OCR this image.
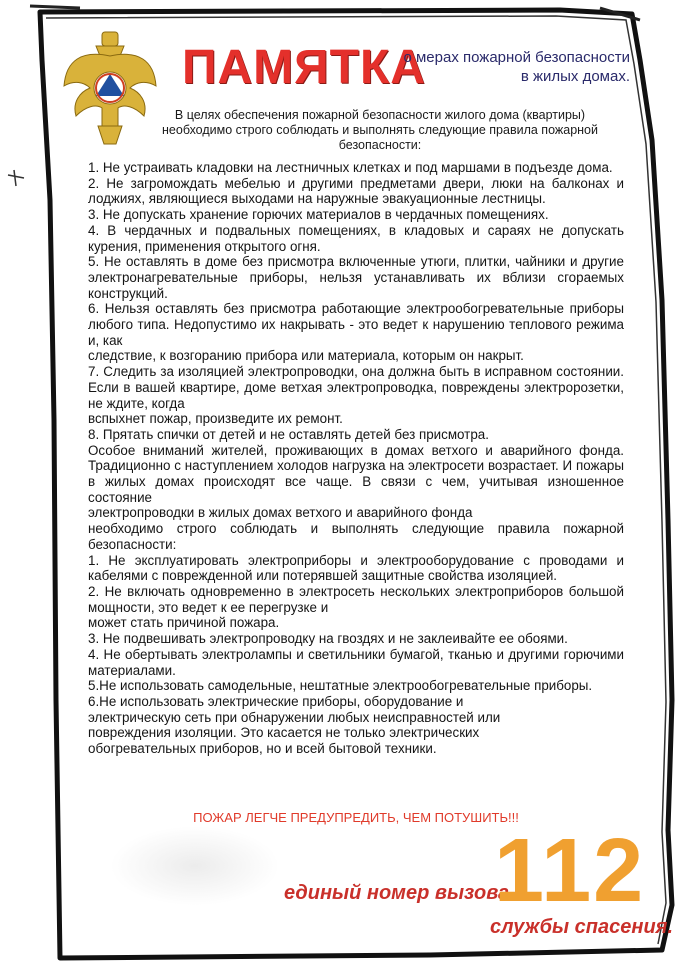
ПАМЯТКА
о мерах пожарной безопасности
в жилых домах.
В целях обеспечения пожарной безопасности жилого дома (квартиры) необходимо строго соблюдать и выполнять следующие правила пожарной безопасности:

1. Не устраивать кладовки на лестничных клетках и под маршами в подъезде дома.

2. Не загромождать мебелью и другими предметами двери, люки на балконах и лоджиях, являющиеся выходами на наружные эвакуационные лестницы.

3. Не допускать хранение горючих материалов в чердачных помещениях.

4. В чердачных и подвальных помещениях, в кладовых и сараях не допускать курения, применения открытого огня.

5. Не оставлять в доме без присмотра включенные утюги, плитки, чайники и другие электронагревательные приборы, нельзя устанавливать их вблизи сгораемых конструкций.

6. Нельзя оставлять без присмотра работающие электрообогревательные приборы любого типа. Недопустимо их накрывать - это ведет к нарушению теплового режима и, как

следствие, к возгоранию прибора или материала, которым он накрыт.

7. Следить за изоляцией электропроводки, она должна быть в исправном состоянии. Если в вашей квартире, доме ветхая электропроводка, повреждены электророзетки, не ждите, когда

вспыхнет пожар, произведите их ремонт.

8. Прятать спички от детей и не оставлять детей без присмотра.

Особое вниманий жителей, проживающих в домах ветхого и аварийного фонда. Традиционно с наступлением холодов нагрузка на электросети возрастает. И пожары в жилых домах происходят все чаще. В связи с чем, учитывая изношенное состояние

электропроводки в жилых домах ветхого и аварийного фонда

необходимо строго соблюдать и выполнять следующие правила пожарной безопасности:

1. Не эксплуатировать электроприборы и электрооборудование с проводами и кабелями с поврежденной или потерявшей защитные свойства изоляцией.

2. Не включать одновременно в электросеть нескольких электроприборов большой мощности, это ведет к ее перегрузке и

может стать причиной пожара.

3. Не подвешивать электропроводку на гвоздях и не заклеивайте ее обоями.

4. Не обертывать электролампы и светильники бумагой, тканью и другими горючими материалами.

5.Не использовать самодельные, нештатные электрообогревательные приборы.

6.Не использовать электрические приборы, оборудование и

электрическую сеть при обнаружении любых неисправностей или

повреждения изоляции. Это касается не только электрических

обогревательных приборов, но и всей бытовой техники.

ПОЖАР ЛЕГЧЕ ПРЕДУПРЕДИТЬ, ЧЕМ ПОТУШИТЬ!!!
единый номер вызова
112
службы спасения.
